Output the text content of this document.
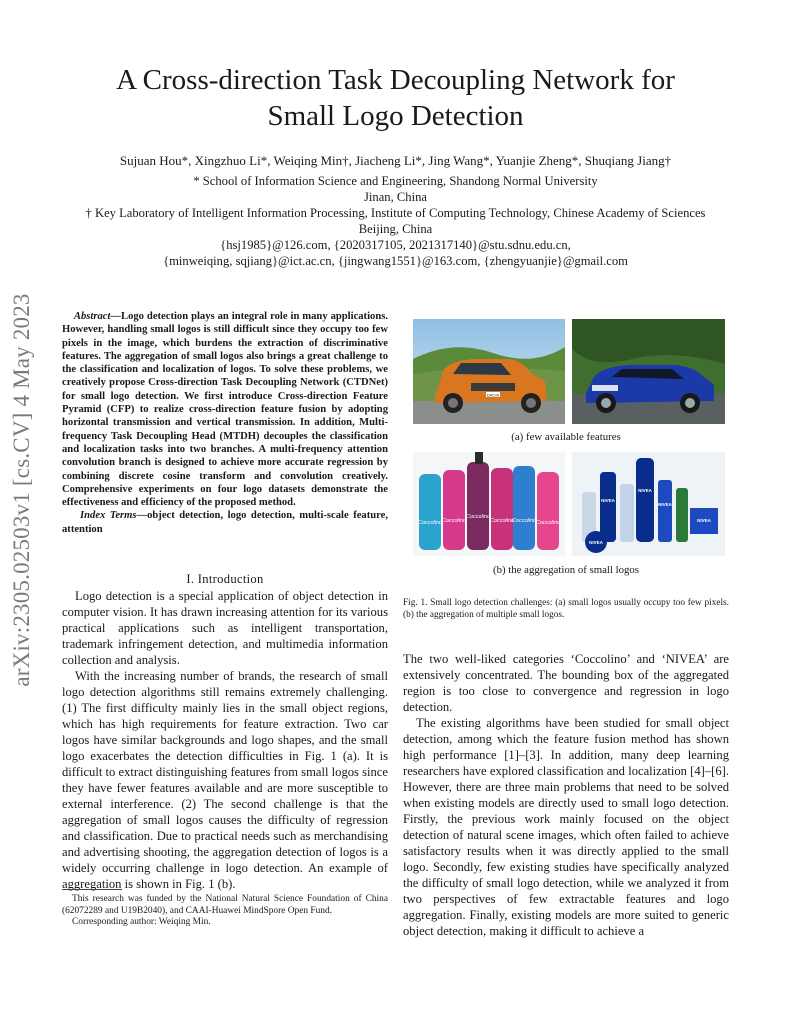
A Cross-direction Task Decoupling Network for
Small Logo Detection
Sujuan Hou*, Xingzhuo Li*, Weiqing Min†, Jiacheng Li*, Jing Wang*, Yuanjie Zheng*, Shuqiang Jiang†
* School of Information Science and Engineering, Shandong Normal University
Jinan, China
† Key Laboratory of Intelligent Information Processing, Institute of Computing Technology, Chinese Academy of Sciences
Beijing, China
{hsj1985}@126.com, {2020317105, 2021317140}@stu.sdnu.edu.cn,
{minweiqing, sqjiang}@ict.ac.cn, {jingwang1551}@163.com, {zhengyuanjie}@gmail.com
arXiv:2305.02503v1 [cs.CV] 4 May 2023	Abstract—Logo detection plays an integral role in many applications. However, handling small logos is still difficult since they occupy too few pixels in the image, which burdens the extraction of discriminative features. The aggregation of small logos also brings a great challenge to the classification and localization of logos. To solve these problems, we creatively propose Cross-direction Task Decoupling Network (CTDNet) for small logo detection. We first introduce Cross-direction Feature Pyramid (CFP) to realize cross-direction feature fusion by adopting horizontal transmission and vertical transmission. In addition, Multi-frequency Task Decoupling Head (MTDH) decouples the classification and localization tasks into two branches. A multi-frequency attention convolution branch is designed to achieve more accurate regression by combining discrete cosine transform and convolution creatively. Comprehensive experiments on four logo datasets demonstrate the effectiveness and efficiency of the proposed method.
Index Terms—object detection, logo detection, multi-scale feature, attention
I. Introduction

Logo detection is a special application of object detection in computer vision. It has drawn increasing attention for its various practical applications such as intelligent transportation, trademark infringement detection, and multimedia information collection and analysis.

With the increasing number of brands, the research of small logo detection algorithms still remains extremely challenging. (1) The first difficulty mainly lies in the small object regions, which has high requirements for feature extraction. Two car logos have similar backgrounds and logo shapes, and the small logo exacerbates the detection difficulties in Fig. 1 (a). It is difficult to extract distinguishing features from small logos since they have fewer features available and are more susceptible to external interference. (2) The second challenge is that the aggregation of small logos causes the difficulty of regression and classification. Due to practical needs such as merchandising and advertising shooting, the aggregation detection of logos is a widely occurring challenge in logo detection. An example of aggregation is shown in Fig. 1 (b).

This research was funded by the National Natural Science Foundation of China (62072289 and U19B2040), and CAAI-Huawei MindSpore Open Fund.

Corresponding author: Weiqing Min.

DACIA
Coccolino Coccolino
Coccolino
Coccolino
Coccolino Coccolino
NIVEA
NIVEA
NIVEA
NIVEA
NIVEA
(a) few available features
(b) the aggregation of small logos
Fig. 1. Small logo detection challenges: (a) small logos usually occupy too few pixels. (b) the aggregation of multiple small logos.

The two well-liked categories ‘Coccolino’ and ‘NIVEA’ are extensively concentrated. The bounding box of the aggregated region is too close to convergence and regression in logo detection.

The existing algorithms have been studied for small object detection, among which the feature fusion method has shown high performance [1]–[3]. In addition, many deep learning researchers have explored classification and localization [4]–[6]. However, there are three main problems that need to be solved when existing models are directly used to small logo detection. Firstly, the previous work mainly focused on the object detection of natural scene images, which often failed to achieve satisfactory results when it was directly applied to the small logo. Secondly, few existing studies have specifically analyzed the difficulty of small logo detection, while we analyzed it from two perspectives of few extractable features and logo aggregation. Finally, existing models are more suited to generic object detection, making it difficult to achieve a
